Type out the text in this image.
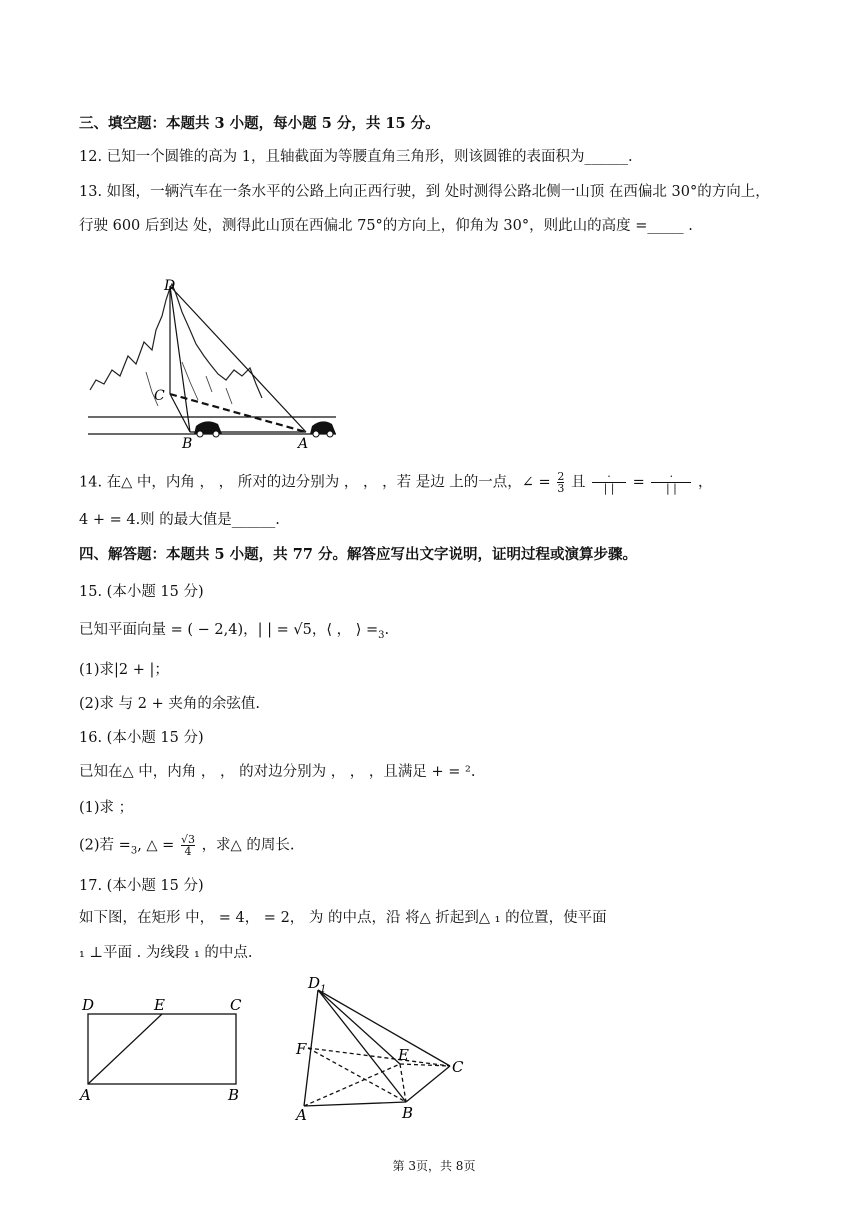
三、填空题：本题共 3 小题，每小题 5 分，共 15 分。
12. 已知一个圆锥的高为 1，且轴截面为等腰直角三角形，则该圆锥的表面积为______.
13. 如图，一辆汽车在一条水平的公路上向正西行驶，到 处时测得公路北侧一山顶 在西偏北 30°的方向上，
行驶 600 后到达 处，测得此山顶在西偏北 75°的方向上，仰角为 30°，则此山的高度 =_____ .
D
C
B	A
14. 在△ 中，内角 ， ， 所对的边分别为 ， ， ，若 是边 上的一点，∠ = $\frac{2}{3}$ 且 $\frac{\cdot}{| |} = \frac{\cdot}{| |}$ ，
4 + = 4.则 的最大值是______.
四、解答题：本题共 5 小题，共 77 分。解答应写出文字说明，证明过程或演算步骤。
15. (本小题 15 分)
已知平面向量 = ( − 2,4)，| | = √5，⟨ ， ⟩ $=_3$.
(1)求|2 + |；
(2)求 与 2 + 夹角的余弦值.
16. (本小题 15 分)
已知在△ 中，内角 ， ， 的对边分别为 ， ， ，且满足 + = ².
(1)求 ；
(2)若 $=_3$, △ = $\frac{√3}{4}$ ，求△ 的周长.
17. (本小题 15 分)
如下图，在矩形 中， = 4， = 2， 为 的中点，沿 将△ 折起到△ ₁ 的位置，使平面
₁ ⊥平面 . 为线段 ₁ 的中点.
D	E	C
A	B
D 1
F	E
C
A	B
第 3页，共 8页
